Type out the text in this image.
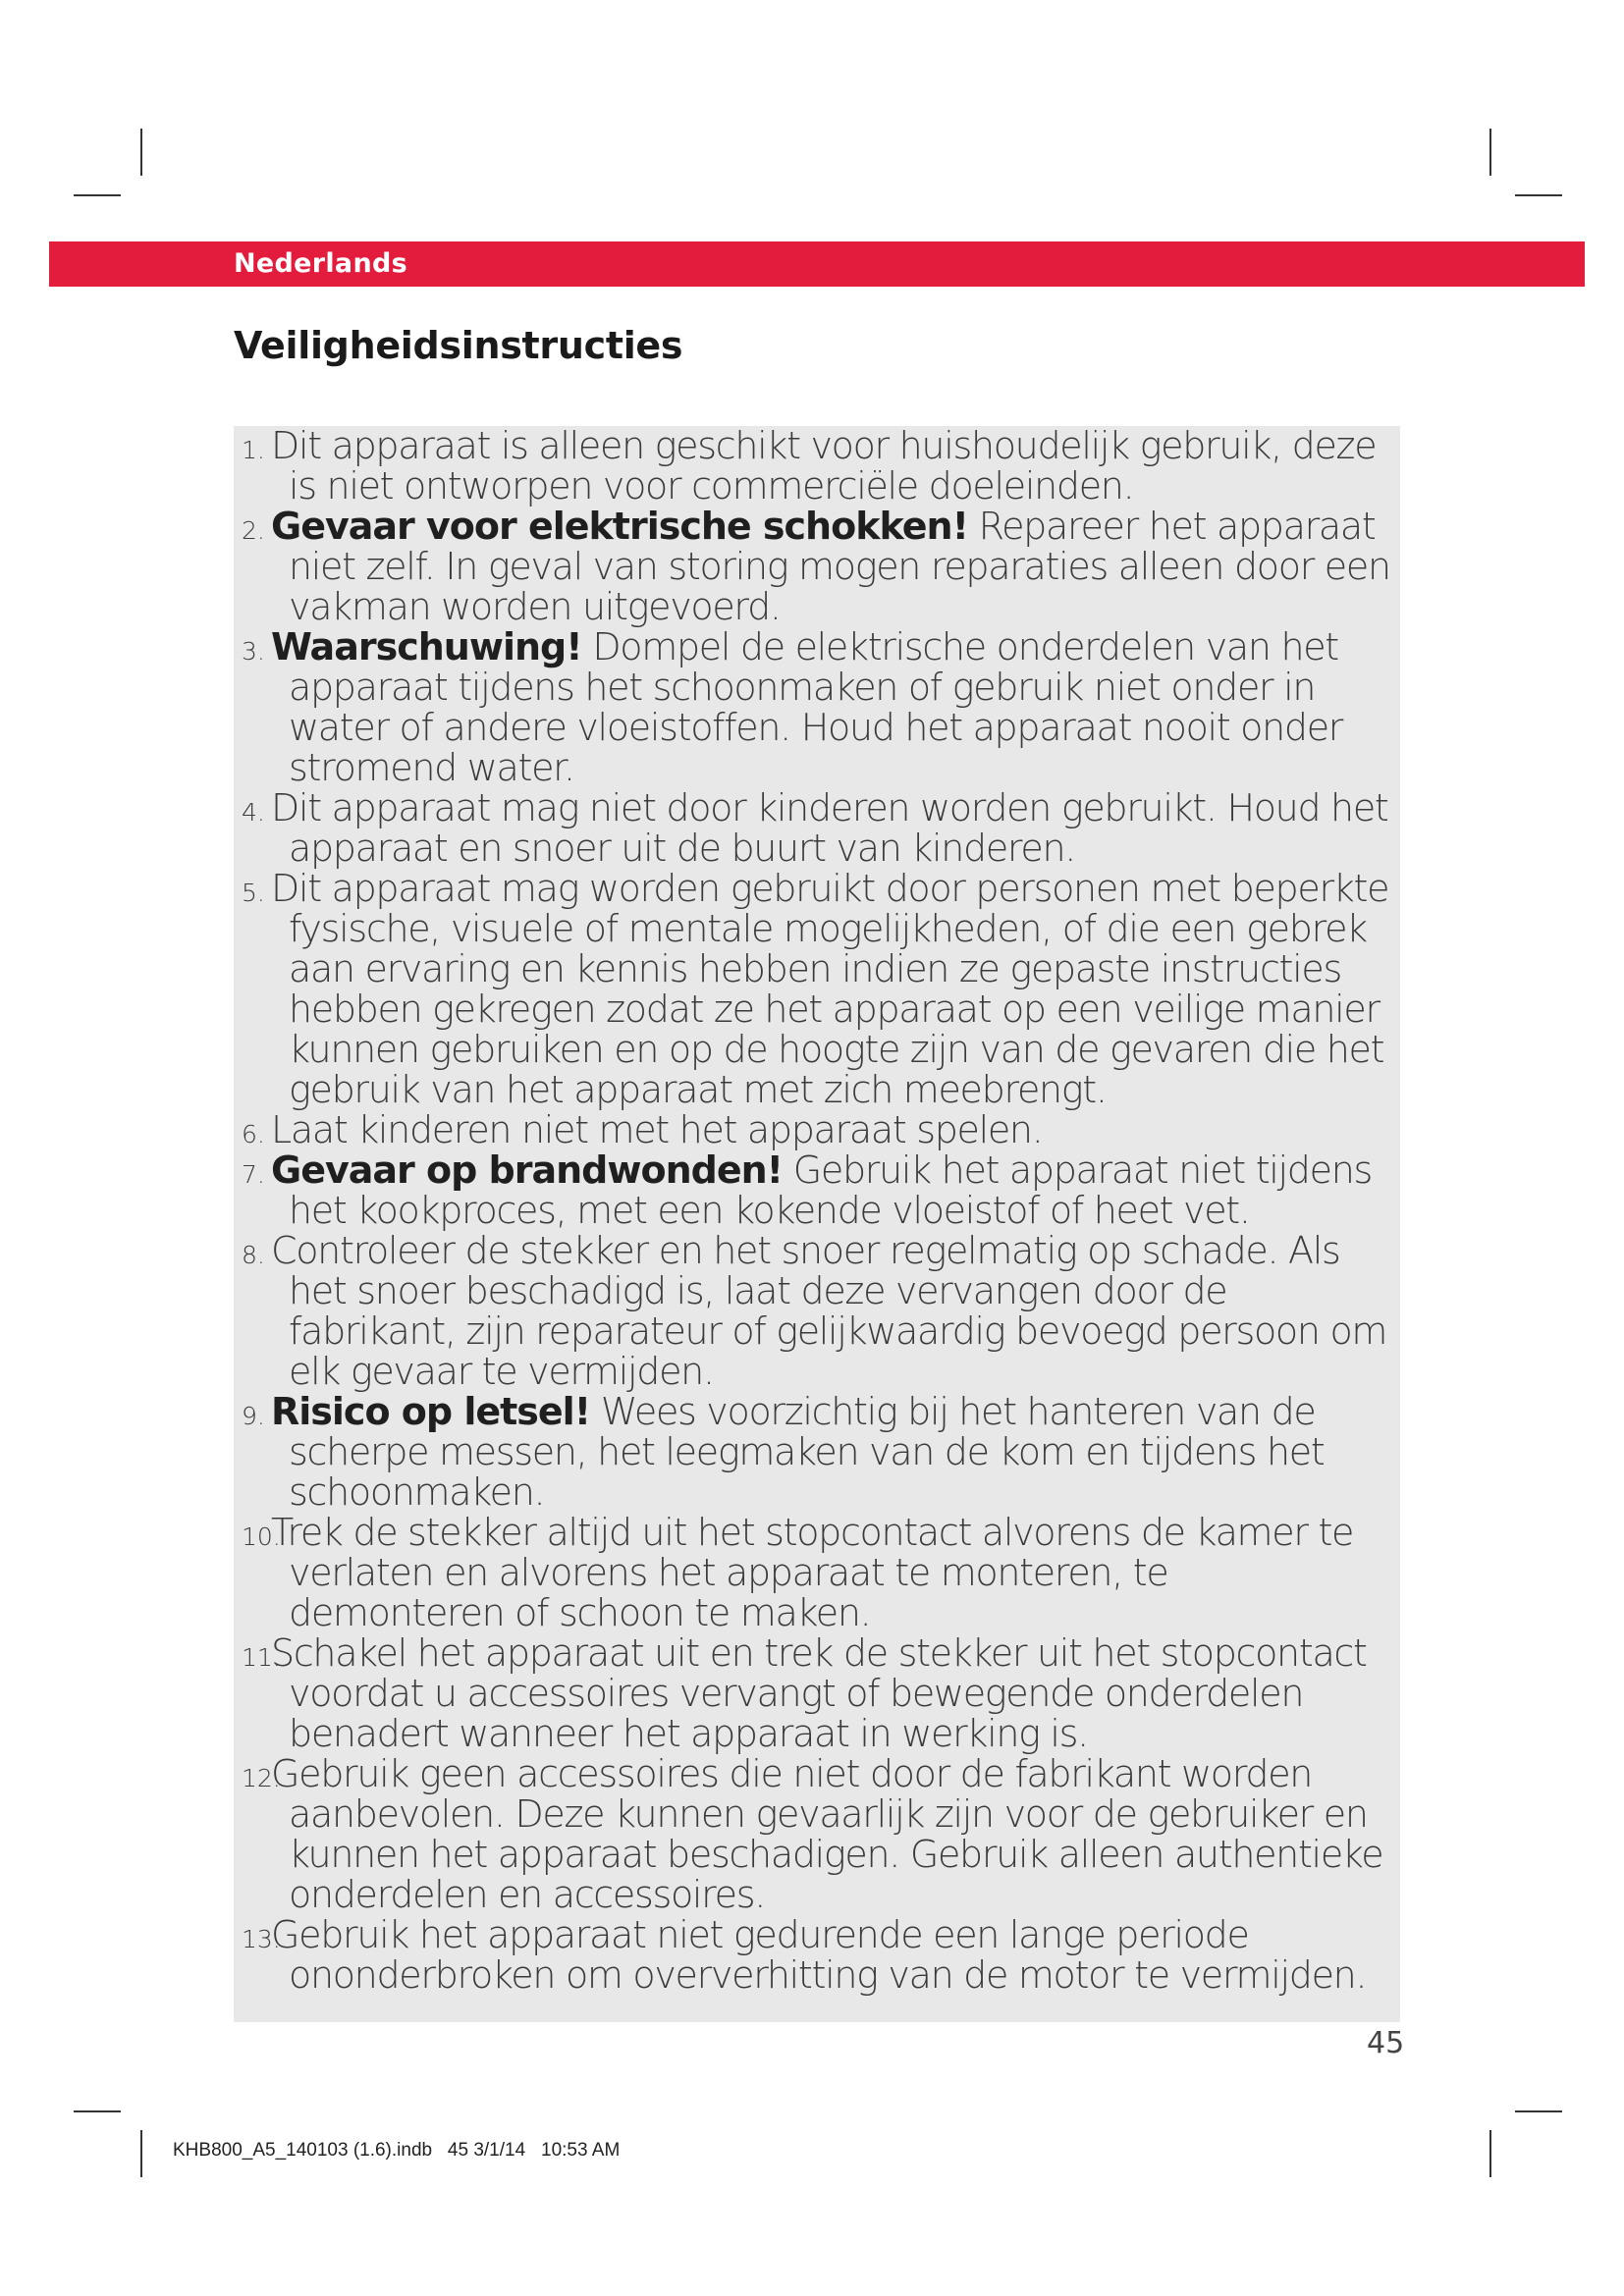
Nederlands
Veiligheidsinstructies
1. Dit apparaat is alleen geschikt voor huishoudelijk gebruik, deze is niet ontworpen voor commerciële doeleinden.
2. Gevaar voor elektrische schokken! Repareer het apparaat niet zelf. In geval van storing mogen reparaties alleen door een vakman worden uitgevoerd.
3. Waarschuwing! Dompel de elektrische onderdelen van het apparaat tijdens het schoonmaken of gebruik niet onder in water of andere vloeistoffen. Houd het apparaat nooit onder stromend water.
4. Dit apparaat mag niet door kinderen worden gebruikt. Houd het apparaat en snoer uit de buurt van kinderen.
5. Dit apparaat mag worden gebruikt door personen met beperkte fysische, visuele of mentale mogelijkheden, of die een gebrek aan ervaring en kennis hebben indien ze gepaste instructies hebben gekregen zodat ze het apparaat op een veilige manier kunnen gebruiken en op de hoogte zijn van de gevaren die het gebruik van het apparaat met zich meebrengt.
6. Laat kinderen niet met het apparaat spelen.
7. Gevaar op brandwonden! Gebruik het apparaat niet tijdens het kookproces, met een kokende vloeistof of heet vet.
8. Controleer de stekker en het snoer regelmatig op schade. Als het snoer beschadigd is, laat deze vervangen door de fabrikant, zijn reparateur of gelijkwaardig bevoegd persoon om elk gevaar te vermijden.
9. Risico op letsel! Wees voorzichtig bij het hanteren van de scherpe messen, het leegmaken van de kom en tijdens het schoonmaken.
10.
Trek de stekker altijd uit het stopcontact alvorens de kamer te verlaten en alvorens het apparaat te monteren, te demonteren of schoon te maken.
11.
Schakel het apparaat uit en trek de stekker uit het stopcontact voordat u accessoires vervangt of bewegende onderdelen benadert wanneer het apparaat in werking is.
12.
Gebruik geen accessoires die niet door de fabrikant worden aanbevolen. Deze kunnen gevaarlijk zijn voor de gebruiker en kunnen het apparaat beschadigen. Gebruik alleen authentieke onderdelen en accessoires.
13.
Gebruik het apparaat niet gedurende een lange periode ononderbroken om oververhitting van de motor te vermijden.
45
KHB800_A5_140103 (1.6).indb   45 3/1/14   10:53 AM
